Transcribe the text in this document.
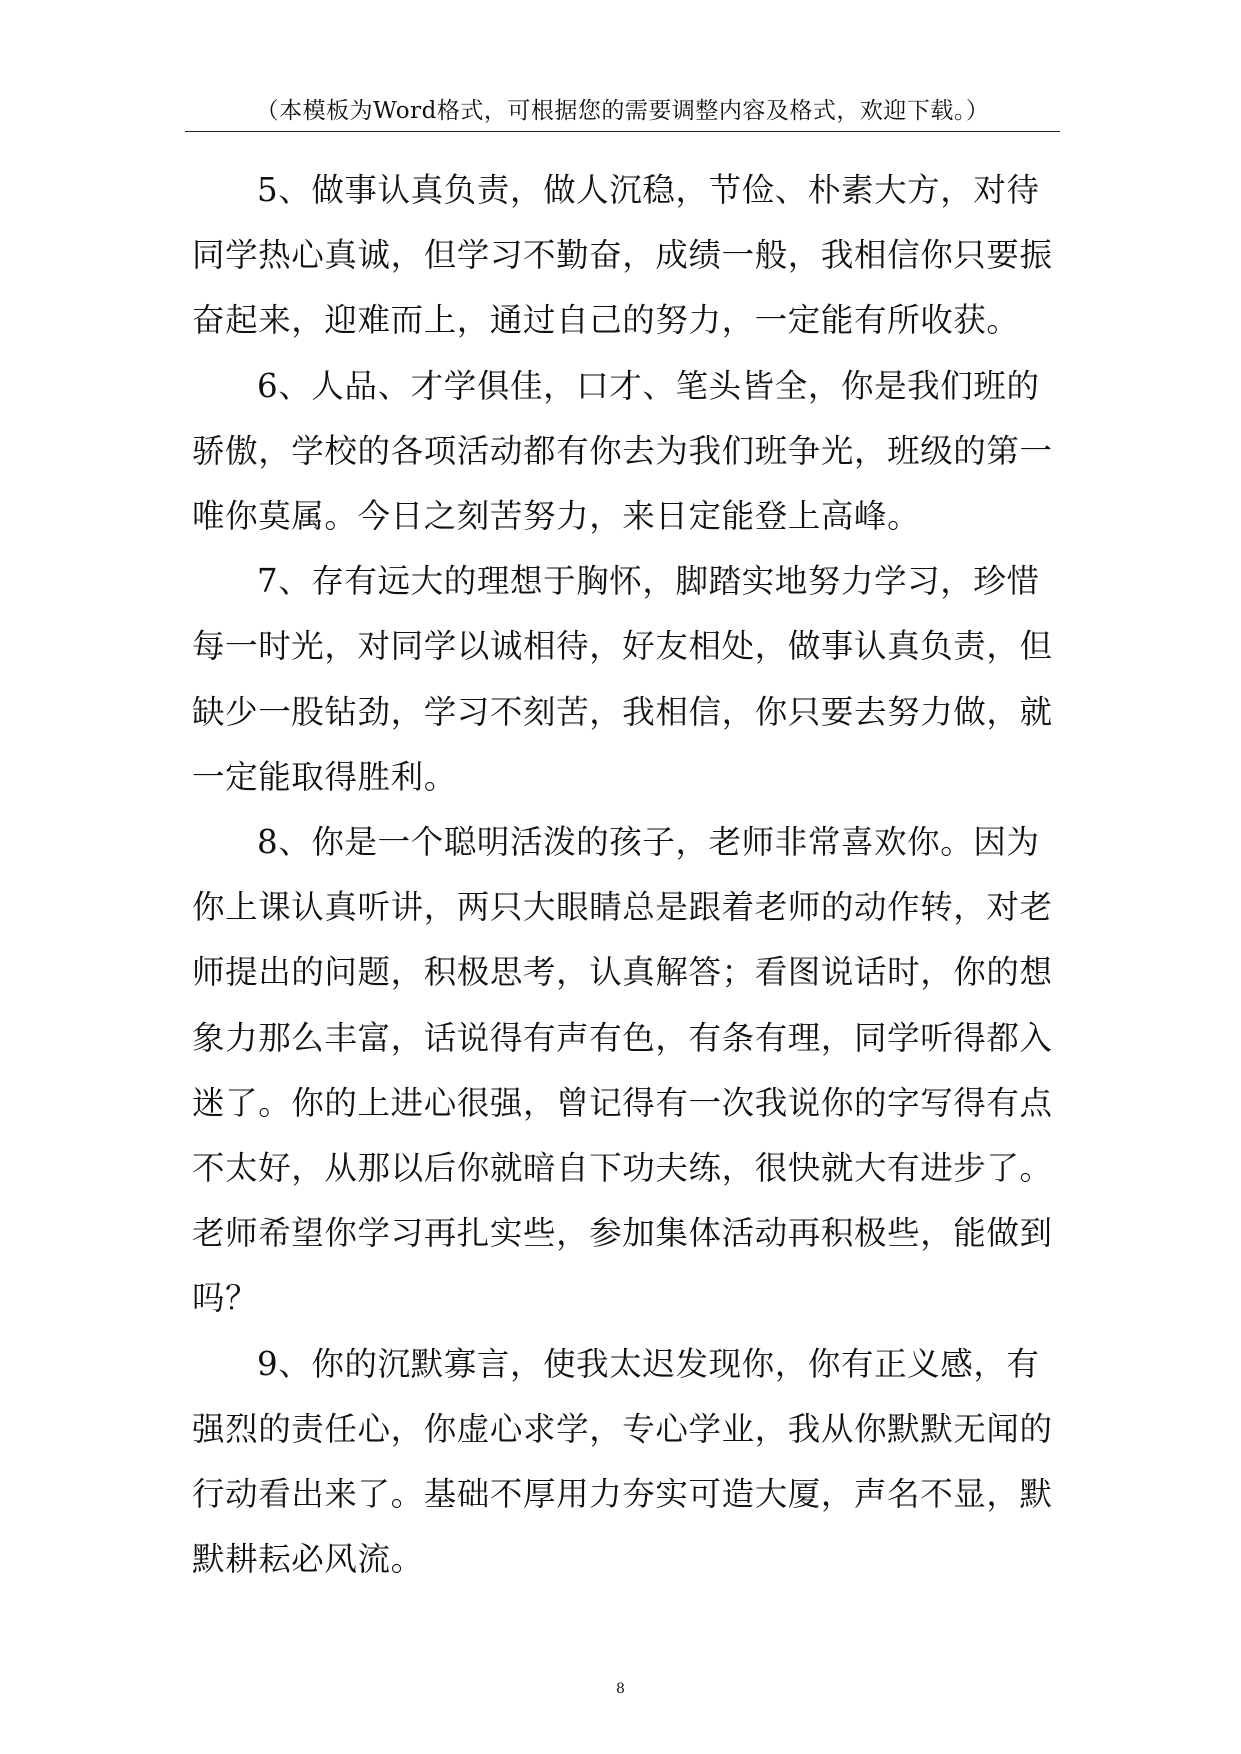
（本模板为Word格式，可根据您的需要调整内容及格式，欢迎下载。）

5、做事认真负责，做人沉稳，节俭、朴素大方，对待同学热心真诚，但学习不勤奋，成绩一般，我相信你只要振奋起来，迎难而上，通过自己的努力，一定能有所收获。

6、人品、才学俱佳，口才、笔头皆全，你是我们班的骄傲，学校的各项活动都有你去为我们班争光，班级的第一唯你莫属。今日之刻苦努力，来日定能登上高峰。

7、存有远大的理想于胸怀，脚踏实地努力学习，珍惜每一时光，对同学以诚相待，好友相处，做事认真负责，但缺少一股钻劲，学习不刻苦，我相信，你只要去努力做，就一定能取得胜利。

8、你是一个聪明活泼的孩子，老师非常喜欢你。因为你上课认真听讲，两只大眼睛总是跟着老师的动作转，对老师提出的问题，积极思考，认真解答；看图说话时，你的想象力那么丰富，话说得有声有色，有条有理，同学听得都入迷了。你的上进心很强，曾记得有一次我说你的字写得有点不太好，从那以后你就暗自下功夫练，很快就大有进步了。老师希望你学习再扎实些，参加集体活动再积极些，能做到吗？

9、你的沉默寡言，使我太迟发现你，你有正义感，有强烈的责任心，你虚心求学，专心学业，我从你默默无闻的行动看出来了。基础不厚用力夯实可造大厦，声名不显，默默耕耘必风流。

8
